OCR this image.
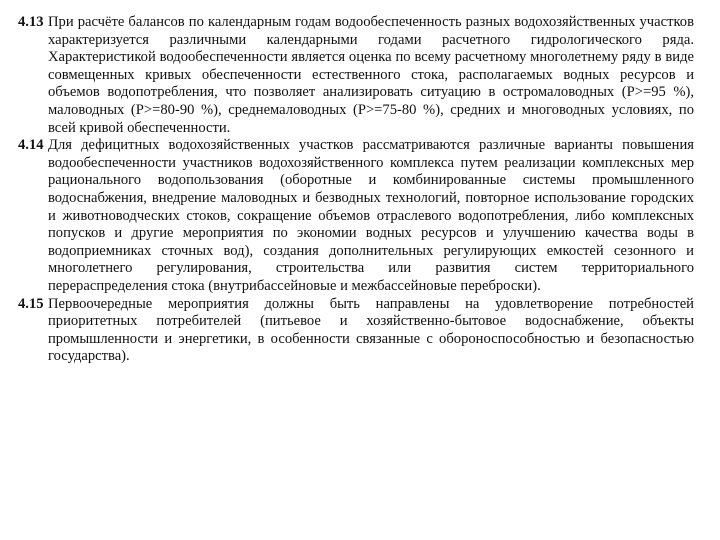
4.13 При расчёте балансов по календарным годам водообеспеченность разных водохозяйственных участков характеризуется различными календарными годами расчетного гидрологического ряда. Характеристикой водообеспеченности является оценка по всему расчетному многолетнему ряду в виде совмещенных кривых обеспеченности естественного стока, располагаемых водных ресурсов и объемов водопотребления, что позволяет анализировать ситуацию в остромаловодных (Р>=95 %), маловодных (Р>=80-90 %), среднемаловодных (Р>=75-80 %), средних и многоводных условиях, по всей кривой обеспеченности.

4.14 Для дефицитных водохозяйственных участков рассматриваются различные варианты повышения водообеспеченности участников водохозяйственного комплекса путем реализации комплексных мер рационального водопользования (оборотные и комбинированные системы промышленного водоснабжения, внедрение маловодных и безводных технологий, повторное использование городских и животноводческих стоков, сокращение объемов отраслевого водопотребления, либо комплексных попусков и другие мероприятия по экономии водных ресурсов и улучшению качества воды в водоприемниках сточных вод), создания дополнительных регулирующих емкостей сезонного и многолетнего регулирования, строительства или развития систем территориального перераспределения стока (внутрибассейновые и межбассейновые переброски).

4.15 Первоочередные мероприятия должны быть направлены на удовлетворение потребностей приоритетных потребителей (питьевое и хозяйственно-бытовое водоснабжение, объекты промышленности и энергетики, в особенности связанные с обороноспособностью и безопасностью государства).
